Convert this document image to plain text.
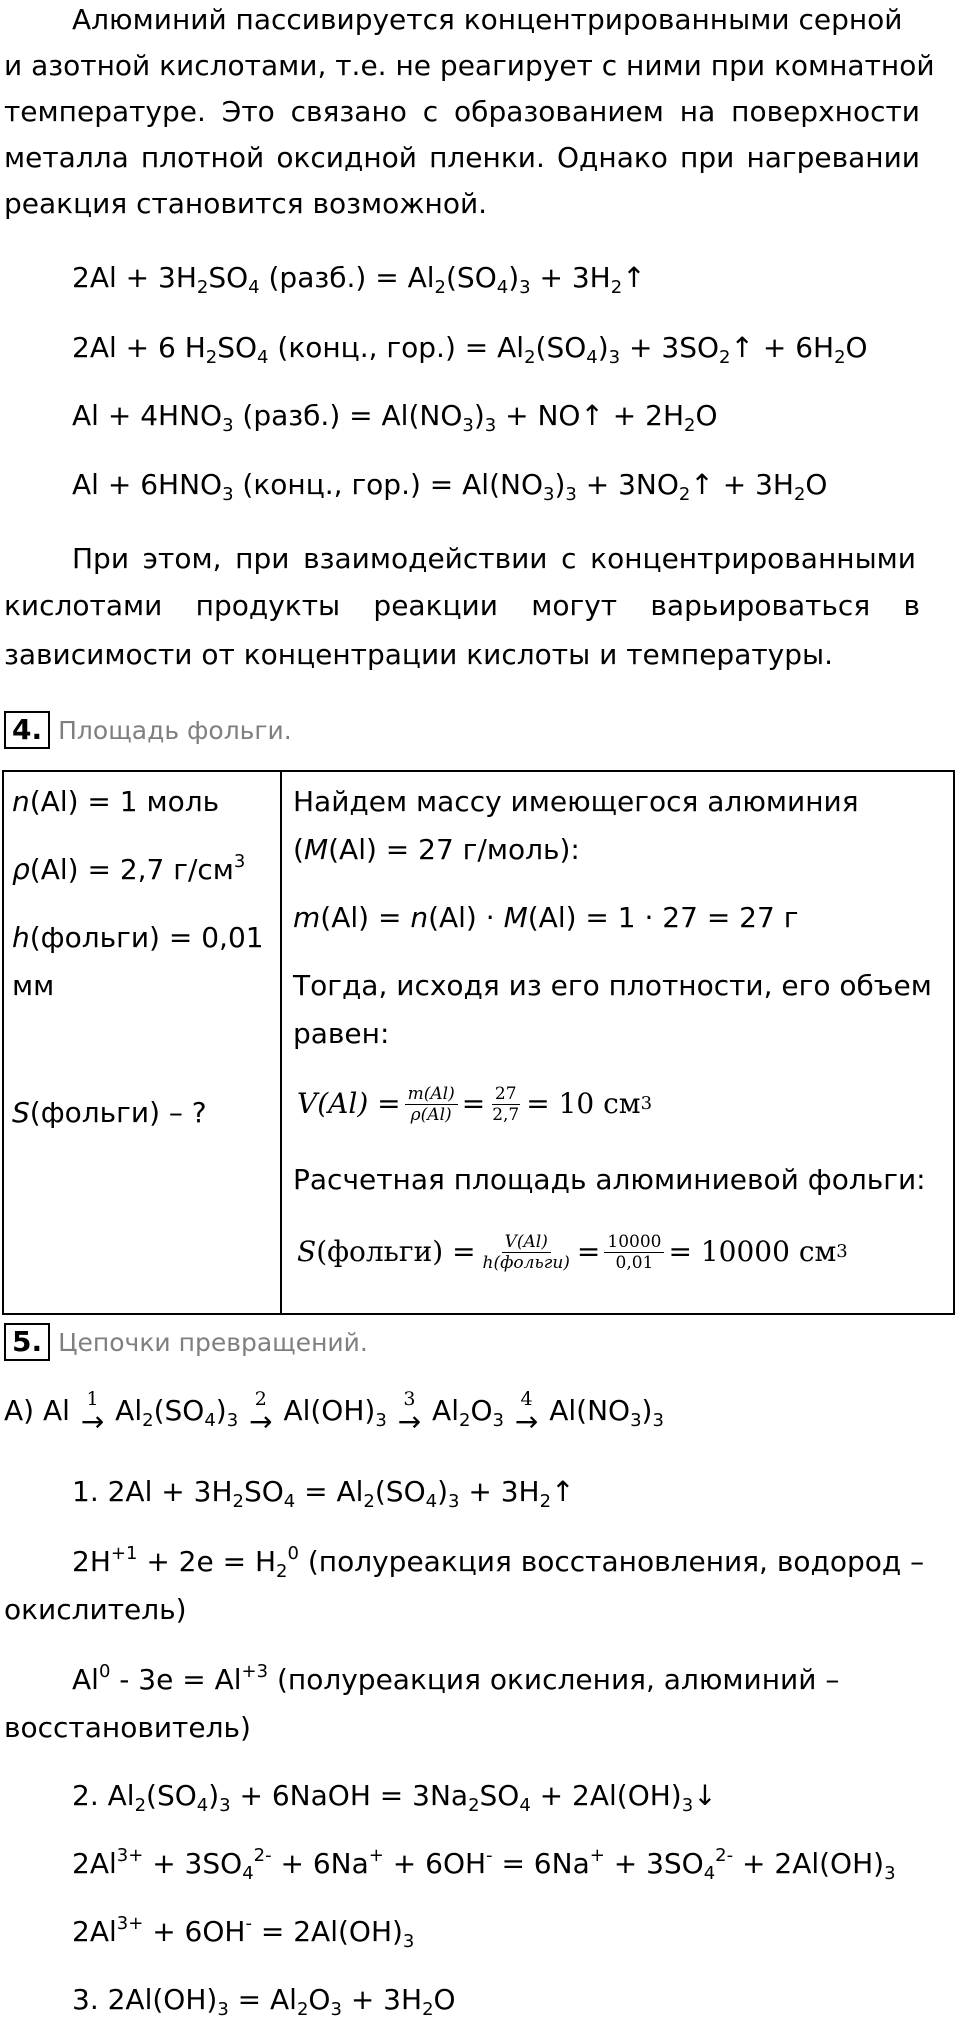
Алюминий пассивируется концентрированными серной
и азотной кислотами, т.е. не реагирует с ними при комнатной
температуре. Это связано с образованием на поверхности
металла плотной оксидной пленки. Однако при нагревании
реакция становится возможной.
$2Al + 3H_2SO_4$ (разб.) = $Al_2(SO_4)_3$ + $3H_2↑$
2Al + 6 $H_2SO_4$ (конц., $гор.) = Al_2(SO_4)_3$ + $3SO_2↑ + 6H_2O$
$Al + 4HNO_3$ (разб.) = $Al(NO_3)_3$ + NO↑ + $2H_2O$
$Al + 6HNO_3$ (конц., $гор.) = Al(NO_3)_3$ + $3NO_2↑ + 3H_2O$
При этом, при взаимодействии с концентрированными
кислотами продукты реакции могут варьироваться в
зависимости от концентрации кислоты и температуры.
4. Площадь фольги.
n(Al) = 1 моль
ρ(Al) = 2,7 $г/см^3$
h(фольги) = 0,01
мм
S(фольги) – ?
Найдем массу имеющегося алюминия
(M(Al) = 27 г/моль):
m(Al) = n(Al) · M(Al) = 1 · 27 = 27 г
Тогда, исходя из его плотности, его объем
равен:
$V(Al) = \frac{m(Al)}{\rho(Al)} = \frac{27}{2,7} = 10$ см 3
Расчетная площадь алюминиевой фольги:
S (фольги) = $\frac{V(Al)}{\text{h(фольги)}} = \frac{10000}{0,01} = 10000$ см 3
5. Цепочки превращений.
А) Al 1
→ $Al_2(SO_4)_3$
2
→ $Al(OH)_3$
3
→ $Al_2O_3$
4
→ $Al(NO_3)_3$
1. $2Al + 3H_2SO_4 = Al_2(SO_4)_3$ + $3H_2↑$
$2H^{+1} + 2e = H_2^0$ (полуреакция восстановления, водород –
окислитель)
$Al^0 - 3e = Al^{+3}$ (полуреакция окисления, алюминий –
восстановитель)
2. $Al_2(SO_4)_3$ + 6NaOH = $3Na_2SO_4$ + $2Al(OH)_3↓$
$2Al^{3+} + 3SO_4^{2-} + 6Na^+ + 6OH^- = 6Na^+ + 3SO_4^{2-} + 2Al(OH)_3$
$2Al^{3+} + 6OH^- = 2Al(OH)_3$
3. $2Al(OH)_3 = Al_2O_3 + 3H_2O$
